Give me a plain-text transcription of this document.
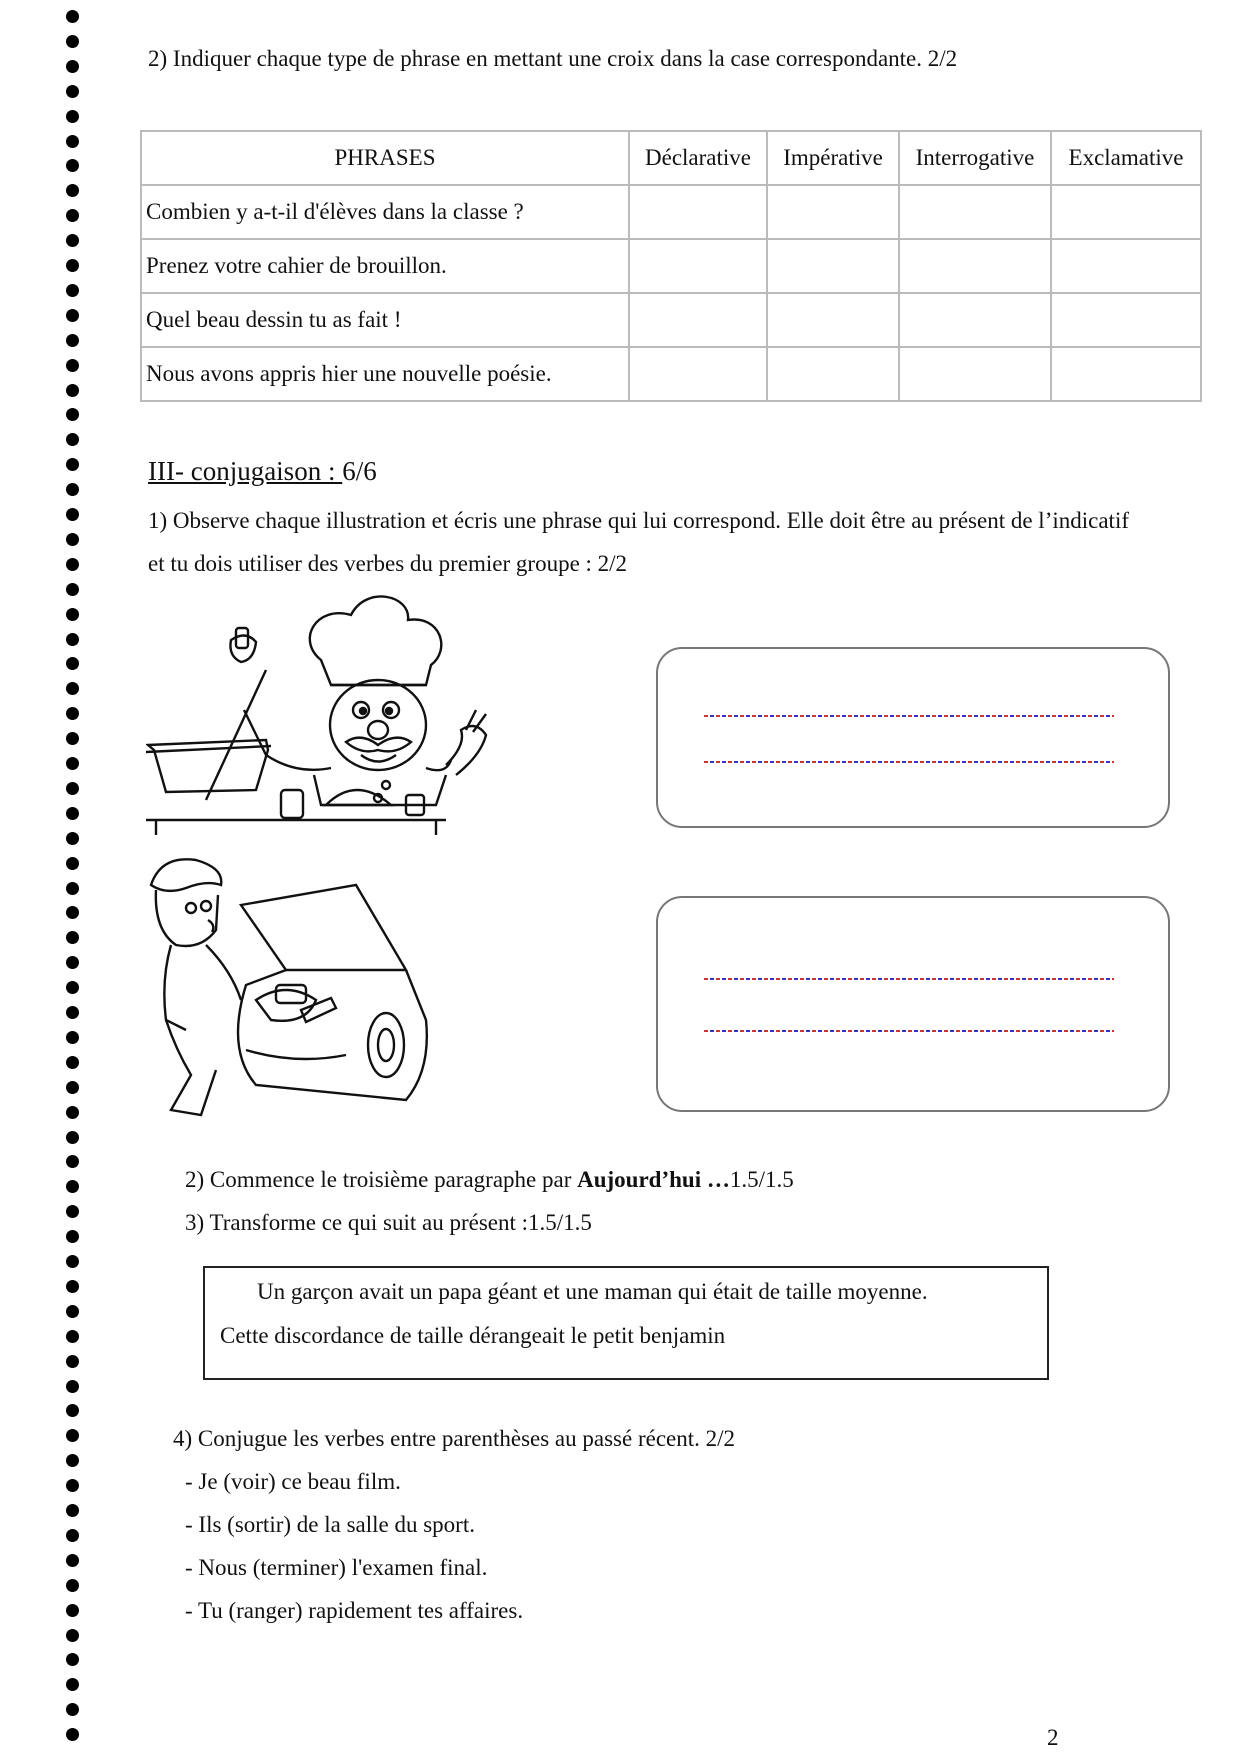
2) Indiquer chaque type de phrase en mettant une croix dans la case correspondante. 2/2
PHRASES	Déclarative	Impérative	Interrogative	Exclamative
Combien y a-t-il d'élèves dans la classe ?				
Prenez votre cahier de brouillon.				
Quel beau dessin tu as fait !				
Nous avons appris hier une nouvelle poésie.				
III- conjugaison : 6/6
1) Observe chaque illustration et écris une phrase qui lui correspond. Elle doit être au présent de l’indicatif
et tu dois utiliser des verbes du premier groupe : 2/2
2) Commence le troisième paragraphe par Aujourd’hui …1.5/1.5
3) Transforme ce qui suit au présent :1.5/1.5
Un garçon avait un papa géant et une maman qui était de taille moyenne.
Cette discordance de taille dérangeait le petit benjamin
4) Conjugue les verbes entre parenthèses au passé récent. 2/2
- Je (voir) ce beau film.
- Ils (sortir) de la salle du sport.
- Nous (terminer) l'examen final.
- Tu (ranger) rapidement tes affaires.
2
